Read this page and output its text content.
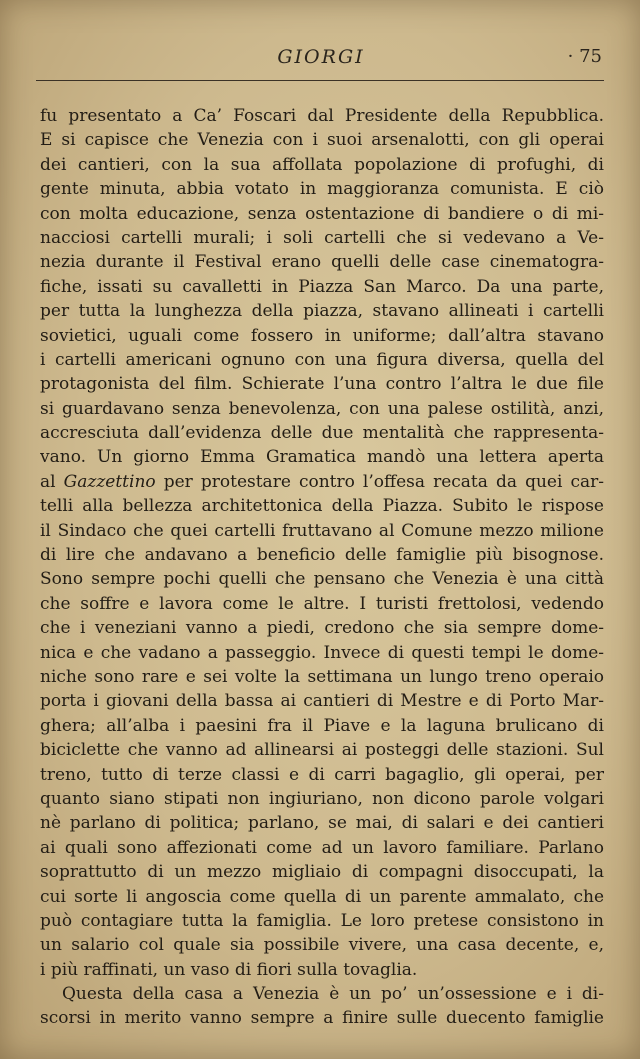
GIORGI
·	75
fu presentato a Ca’ Foscari dal Presidente della Repubblica.
E si capisce che Venezia con i suoi arsenalotti, con gli operai
dei cantieri, con la sua affollata popolazione di profughi, di
gente minuta, abbia votato in maggioranza comunista. E ciò
con molta educazione, senza ostentazione di bandiere o di mi-
nacciosi cartelli murali; i soli cartelli che si vedevano a Ve-
nezia durante il Festival erano quelli delle case cinematogra-
fiche, issati su cavalletti in Piazza San Marco. Da una parte,
per tutta la lunghezza della piazza, stavano allineati i cartelli
sovietici, uguali come fossero in uniforme; dall’altra stavano
i cartelli americani ognuno con una figura diversa, quella del
protagonista del film. Schierate l’una contro l’altra le due file
si guardavano senza benevolenza, con una palese ostilità, anzi,
accresciuta dall’evidenza delle due mentalità che rappresenta-
vano. Un giorno Emma Gramatica mandò una lettera aperta
al Gazzettino per protestare contro l’offesa recata da quei car-
telli alla bellezza architettonica della Piazza. Subito le rispose
il Sindaco che quei cartelli fruttavano al Comune mezzo milione
di lire che andavano a beneficio delle famiglie più bisognose.
Sono sempre pochi quelli che pensano che Venezia è una città
che soffre e lavora come le altre. I turisti frettolosi, vedendo
che i veneziani vanno a piedi, credono che sia sempre dome-
nica e che vadano a passeggio. Invece di questi tempi le dome-
niche sono rare e sei volte la settimana un lungo treno operaio
porta i giovani della bassa ai cantieri di Mestre e di Porto Mar-
ghera; all’alba i paesini fra il Piave e la laguna brulicano di
biciclette che vanno ad allinearsi ai posteggi delle stazioni. Sul
treno, tutto di terze classi e di carri bagaglio, gli operai, per
quanto siano stipati non ingiuriano, non dicono parole volgari
nè parlano di politica; parlano, se mai, di salari e dei cantieri
ai quali sono affezionati come ad un lavoro familiare. Parlano
soprattutto di un mezzo migliaio di compagni disoccupati, la
cui sorte li angoscia come quella di un parente ammalato, che
può contagiare tutta la famiglia. Le loro pretese consistono in
un salario col quale sia possibile vivere, una casa decente, e,
i più raffinati, un vaso di fiori sulla tovaglia.
Questa della casa a Venezia è un po’ un’ossessione e i di-
scorsi in merito vanno sempre a finire sulle duecento famiglie
